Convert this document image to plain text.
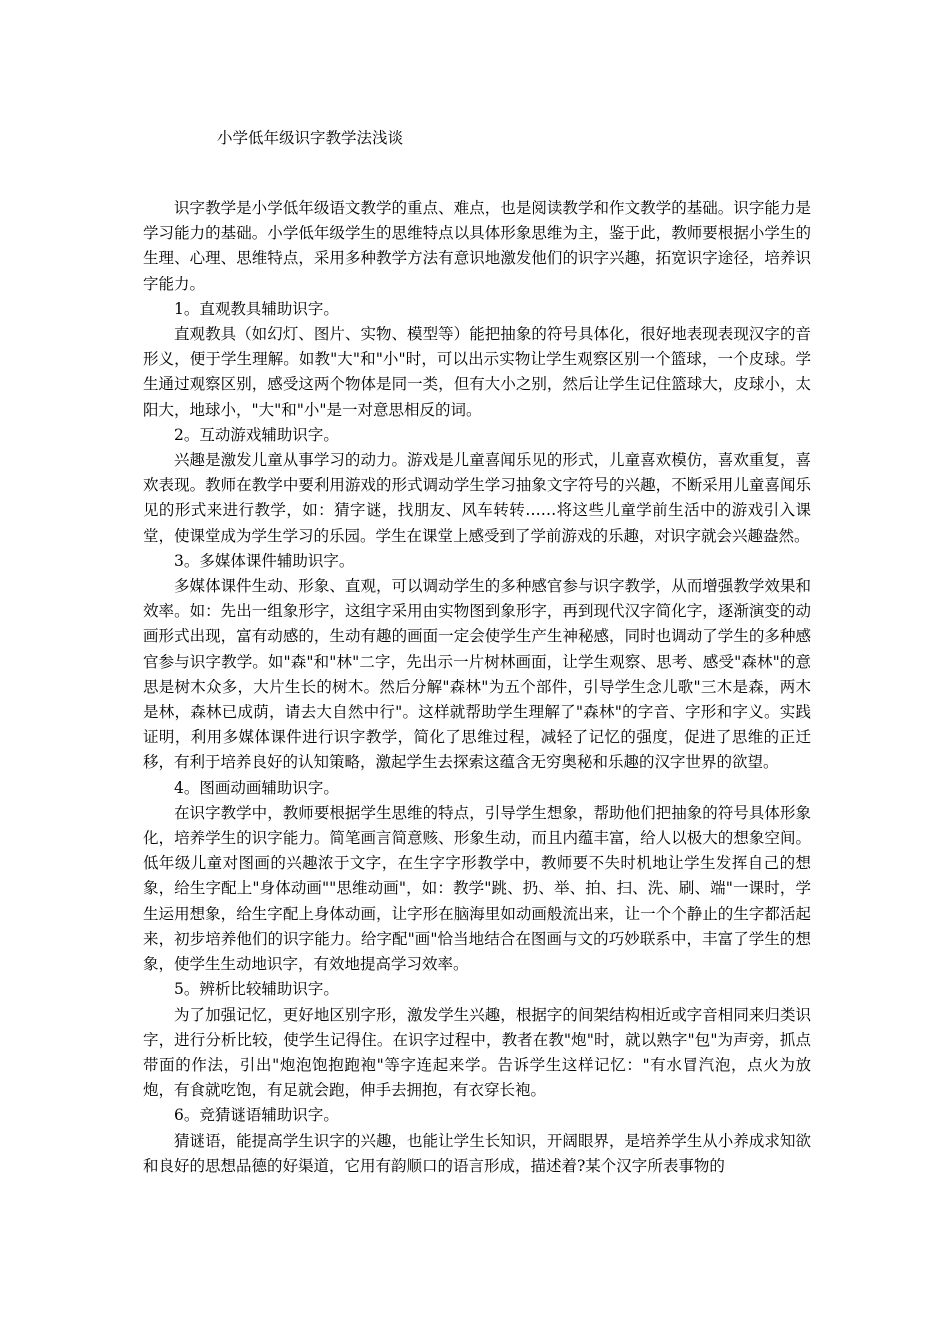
小学低年级识字教学法浅谈

识字教学是小学低年级语文教学的重点、难点，也是阅读教学和作文教学的基础。识字能力是学习能力的基础。小学低年级学生的思维特点以具体形象思维为主，鉴于此，教师要根据小学生的生理、心理、思维特点，采用多种教学方法有意识地激发他们的识字兴趣，拓宽识字途径，培养识字能力。

1。直观教具辅助识字。

直观教具（如幻灯、图片、实物、模型等）能把抽象的符号具体化，很好地表现表现汉字的音形义，便于学生理解。如教"大"和"小"时，可以出示实物让学生观察区别一个篮球，一个皮球。学生通过观察区别，感受这两个物体是同一类，但有大小之别，然后让学生记住篮球大，皮球小，太阳大，地球小，"大"和"小"是一对意思相反的词。

2。互动游戏辅助识字。

兴趣是激发儿童从事学习的动力。游戏是儿童喜闻乐见的形式，儿童喜欢模仿，喜欢重复，喜欢表现。教师在教学中要利用游戏的形式调动学生学习抽象文字符号的兴趣，不断采用儿童喜闻乐见的形式来进行教学，如：猜字谜，找朋友、风车转转……将这些儿童学前生活中的游戏引入课堂，使课堂成为学生学习的乐园。学生在课堂上感受到了学前游戏的乐趣，对识字就会兴趣盎然。

3。多媒体课件辅助识字。

多媒体课件生动、形象、直观，可以调动学生的多种感官参与识字教学，从而增强教学效果和效率。如：先出一组象形字，这组字采用由实物图到象形字，再到现代汉字简化字，逐渐演变的动画形式出现，富有动感的，生动有趣的画面一定会使学生产生神秘感，同时也调动了学生的多种感官参与识字教学。如"森"和"林"二字，先出示一片树林画面，让学生观察、思考、感受"森林"的意思是树木众多，大片生长的树木。然后分解"森林"为五个部件，引导学生念儿歌"三木是森，两木是林，森林已成荫，请去大自然中行"。这样就帮助学生理解了"森林"的字音、字形和字义。实践证明，利用多媒体课件进行识字教学，简化了思维过程，减轻了记忆的强度，促进了思维的正迁移，有利于培养良好的认知策略，激起学生去探索这蕴含无穷奥秘和乐趣的汉字世界的欲望。

4。图画动画辅助识字。

在识字教学中，教师要根据学生思维的特点，引导学生想象，帮助他们把抽象的符号具体形象化，培养学生的识字能力。简笔画言简意赅、形象生动，而且内蕴丰富，给人以极大的想象空间。低年级儿童对图画的兴趣浓于文字，在生字字形教学中，教师要不失时机地让学生发挥自己的想象，给生字配上"身体动画""思维动画"，如：教学"跳、扔、举、拍、扫、洗、刷、端"一课时，学生运用想象，给生字配上身体动画，让字形在脑海里如动画般流出来，让一个个静止的生字都活起来，初步培养他们的识字能力。给字配"画"恰当地结合在图画与文的巧妙联系中，丰富了学生的想象，使学生生动地识字，有效地提高学习效率。

5。辨析比较辅助识字。

为了加强记忆，更好地区别字形，激发学生兴趣，根据字的间架结构相近或字音相同来归类识字，进行分析比较，使学生记得住。在识字过程中，教者在教"炮"时，就以熟字"包"为声旁，抓点带面的作法，引出"炮泡饱抱跑袍"等字连起来学。告诉学生这样记忆："有水冒汽泡，点火为放炮，有食就吃饱，有足就会跑，伸手去拥抱，有衣穿长袍。

6。竞猜谜语辅助识字。

猜谜语，能提高学生识字的兴趣，也能让学生长知识，开阔眼界，是培养学生从小养成求知欲和良好的思想品德的好渠道，它用有韵顺口的语言形成，描述着?某个汉字所表事物的
